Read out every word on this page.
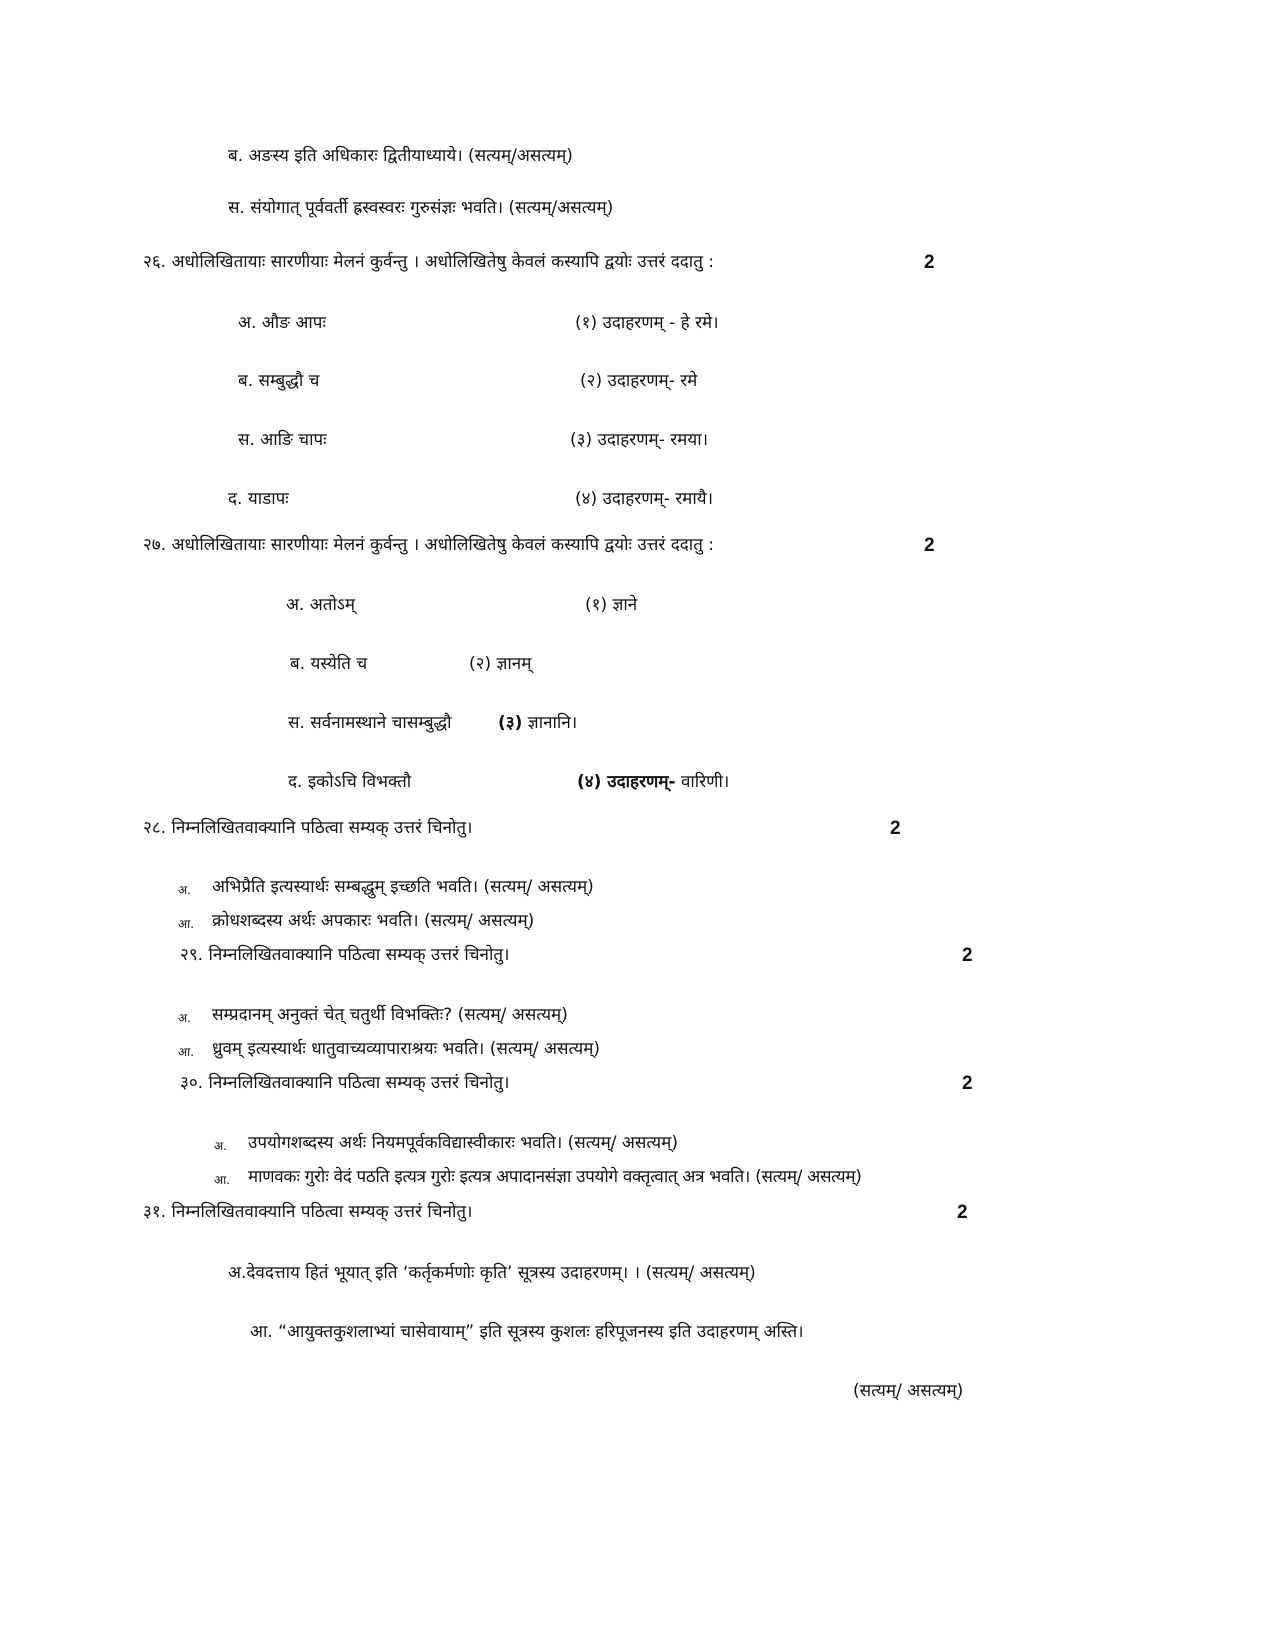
ब. अङस्य इति अधिकारः द्वितीयाध्याये। (सत्यम्/असत्यम्)
स. संयोगात् पूर्ववर्ती ह्रस्वस्वरः गुरुसंज्ञः भवति। (सत्यम्/असत्यम्)
२६. अधोलिखितायाः सारणीयाः मेलनं कुर्वन्तु । अधोलिखितेषु केवलं कस्यापि द्वयोः उत्तरं ददातु :	2
अ. औङ आपः	(१) उदाहरणम् - हे रमे।
ब. सम्बुद्धौ च	(२) उदाहरणम्- रमे
स. आङि चापः	(३) उदाहरणम्- रमया।
द. याडापः	(४) उदाहरणम्- रमायै।
२७. अधोलिखितायाः सारणीयाः मेलनं कुर्वन्तु । अधोलिखितेषु केवलं कस्यापि द्वयोः उत्तरं ददातु :	2
अ. अतोऽम्	(१) ज्ञाने
ब. यस्येति च	(२) ज्ञानम्
स. सर्वनामस्थाने चासम्बुद्धौ	(३) ज्ञानानि।
द. इकोऽचि विभक्तौ	(४) उदाहरणम्- वारिणी।
२८. निम्नलिखितवाक्यानि पठित्वा सम्यक् उत्तरं चिनोतु।	2
अ. अभिप्रैति इत्यस्यार्थः सम्बद्धुम् इच्छति भवति। (सत्यम्/ असत्यम्)
आ. क्रोधशब्दस्य अर्थः अपकारः भवति। (सत्यम्/ असत्यम्)
२९. निम्नलिखितवाक्यानि पठित्वा सम्यक् उत्तरं चिनोतु।	2
अ. सम्प्रदानम् अनुक्तं चेत् चतुर्थी विभक्तिः? (सत्यम्/ असत्यम्)
आ. ध्रुवम् इत्यस्यार्थः धातुवाच्यव्यापाराश्रयः भवति। (सत्यम्/ असत्यम्)
३०. निम्नलिखितवाक्यानि पठित्वा सम्यक् उत्तरं चिनोतु।	2
अ. उपयोगशब्दस्य अर्थः नियमपूर्वकविद्यास्वीकारः भवति। (सत्यम्/ असत्यम्)
आ. माणवकः गुरोः वेदं पठति इत्यत्र गुरोः इत्यत्र अपादानसंज्ञा उपयोगे वक्तृत्वात् अत्र भवति। (सत्यम्/ असत्यम्)
३१. निम्नलिखितवाक्यानि पठित्वा सम्यक् उत्तरं चिनोतु।	2
अ.देवदत्ताय हितं भूयात् इति ‘कर्तृकर्मणोः कृति’ सूत्रस्य उदाहरणम्। । (सत्यम्/ असत्यम्)
आ. “आयुक्तकुशलाभ्यां चासेवायाम्” इति सूत्रस्य कुशलः हरिपूजनस्य इति उदाहरणम् अस्ति।
(सत्यम्/ असत्यम्)
